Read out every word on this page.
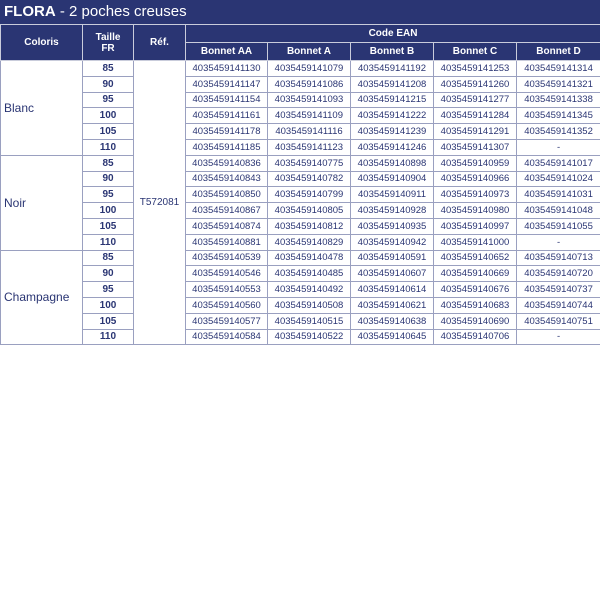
FLORA - 2 poches creuses
Coloris	Taille
FR	Réf.	Code EAN				
			Bonnet AA	Bonnet A	Bonnet B	Bonnet C	Bonnet D
Blanc	85	T572081	4035459141130	4035459141079	4035459141192	4035459141253	4035459141314
	90		4035459141147	4035459141086	4035459141208	4035459141260	4035459141321
	95		4035459141154	4035459141093	4035459141215	4035459141277	4035459141338
	100		4035459141161	4035459141109	4035459141222	4035459141284	4035459141345
	105		4035459141178	4035459141116	4035459141239	4035459141291	4035459141352
	110		4035459141185	4035459141123	4035459141246	4035459141307	-
Noir	85		4035459140836	4035459140775	4035459140898	4035459140959	4035459141017
	90		4035459140843	4035459140782	4035459140904	4035459140966	4035459141024
	95		4035459140850	4035459140799	4035459140911	4035459140973	4035459141031
	100		4035459140867	4035459140805	4035459140928	4035459140980	4035459141048
	105		4035459140874	4035459140812	4035459140935	4035459140997	4035459141055
	110		4035459140881	4035459140829	4035459140942	4035459141000	-
Champagne	85		4035459140539	4035459140478	4035459140591	4035459140652	4035459140713
	90		4035459140546	4035459140485	4035459140607	4035459140669	4035459140720
	95		4035459140553	4035459140492	4035459140614	4035459140676	4035459140737
	100		4035459140560	4035459140508	4035459140621	4035459140683	4035459140744
	105		4035459140577	4035459140515	4035459140638	4035459140690	4035459140751
	110		4035459140584	4035459140522	4035459140645	4035459140706	-
